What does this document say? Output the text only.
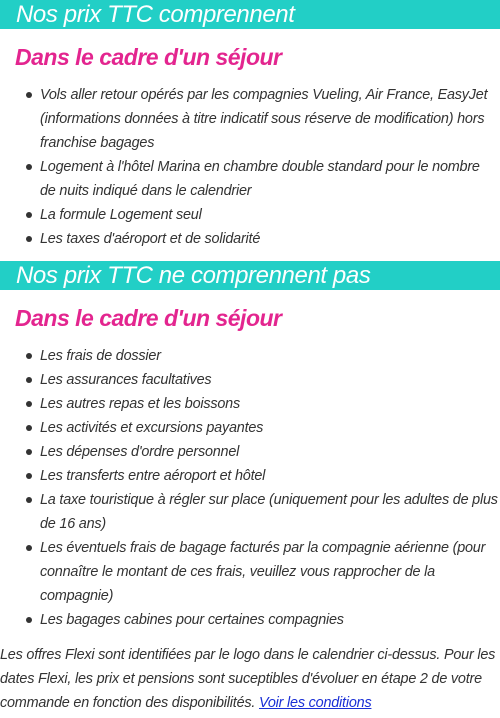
Nos prix TTC comprennent
Dans le cadre d'un séjour
Vols aller retour opérés par les compagnies Vueling, Air France, EasyJet (informations données à titre indicatif sous réserve de modification) hors franchise bagages
Logement à l'hôtel Marina en chambre double standard pour le nombre de nuits indiqué dans le calendrier
La formule Logement seul
Les taxes d'aéroport et de solidarité
Nos prix TTC ne comprennent pas
Dans le cadre d'un séjour
Les frais de dossier
Les assurances facultatives
Les autres repas et les boissons
Les activités et excursions payantes
Les dépenses d'ordre personnel
Les transferts entre aéroport et hôtel
La taxe touristique à régler sur place (uniquement pour les adultes de plus de 16 ans)
Les éventuels frais de bagage facturés par la compagnie aérienne (pour connaître le montant de ces frais, veuillez vous rapprocher de la compagnie)
Les bagages cabines pour certaines compagnies
Les offres Flexi sont identifiées par le logo dans le calendrier ci-dessus. Pour les dates Flexi, les prix et pensions sont suceptibles d'évoluer en étape 2 de votre commande en fonction des disponibilités. Voir les conditions
